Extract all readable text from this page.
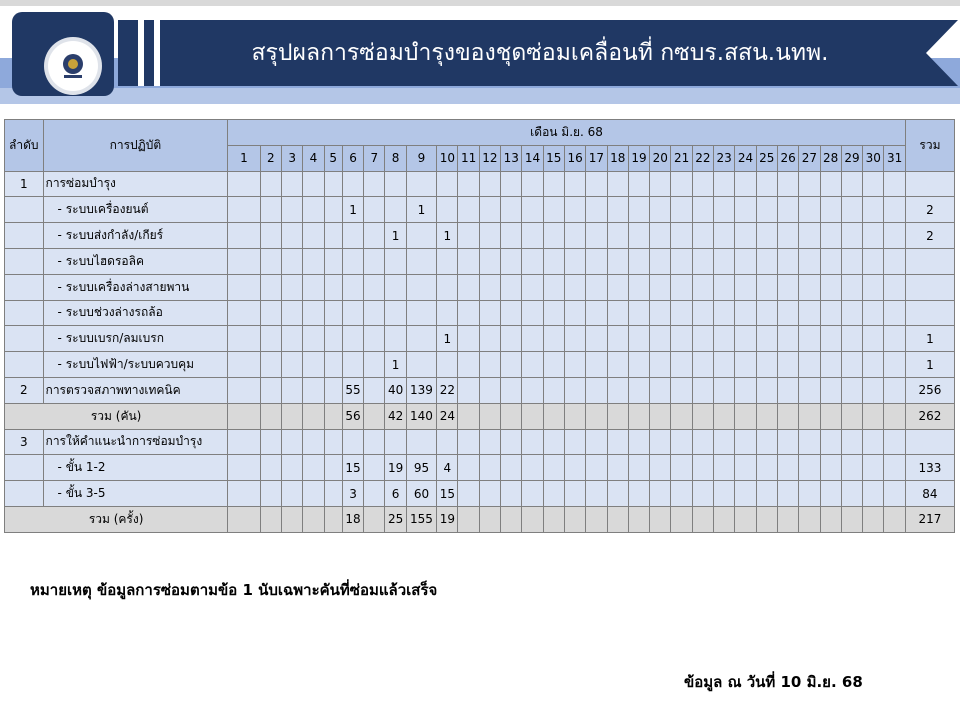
สรุปผลการซ่อมบำรุงของชุดซ่อมเคลื่อนที่ กซบร.สสน.นทพ.
ลำดับ	การปฏิบัติ	เดือน มิ.ย. 68																															รวม
		1	2	3	4	5	6	7	8	9	10	11	12	13	14	15	16	17	18	19	20	21	22	23	24	25	26	27	28	29	30	31	
1	การซ่อมบำรุง																																
	- ระบบเครื่องยนต์						1			1																							2
	- ระบบส่งกำลัง/เกียร์								1		1																						2
	- ระบบไฮดรอลิค																																
	- ระบบเครื่องล่างสายพาน																																
	- ระบบช่วงล่างรถล้อ																																
	- ระบบเบรก/ลมเบรก										1																						1
	- ระบบไฟฟ้า/ระบบควบคุม								1																								1
2	การตรวจสภาพทางเทคนิค						55		40	139	22																						256
รวม (คัน)							56		42	140	24																						262
3	การให้คำแนะนำการซ่อมบำรุง																																
	- ขั้น 1-2						15		19	95	4																						133
	- ขั้น 3-5						3		6	60	15																						84
รวม (ครั้ง)							18		25	155	19																						217
หมายเหตุ ข้อมูลการซ่อมตามข้อ 1 นับเฉพาะคันที่ซ่อมแล้วเสร็จ
ข้อมูล ณ วันที่ 10 มิ.ย. 68
